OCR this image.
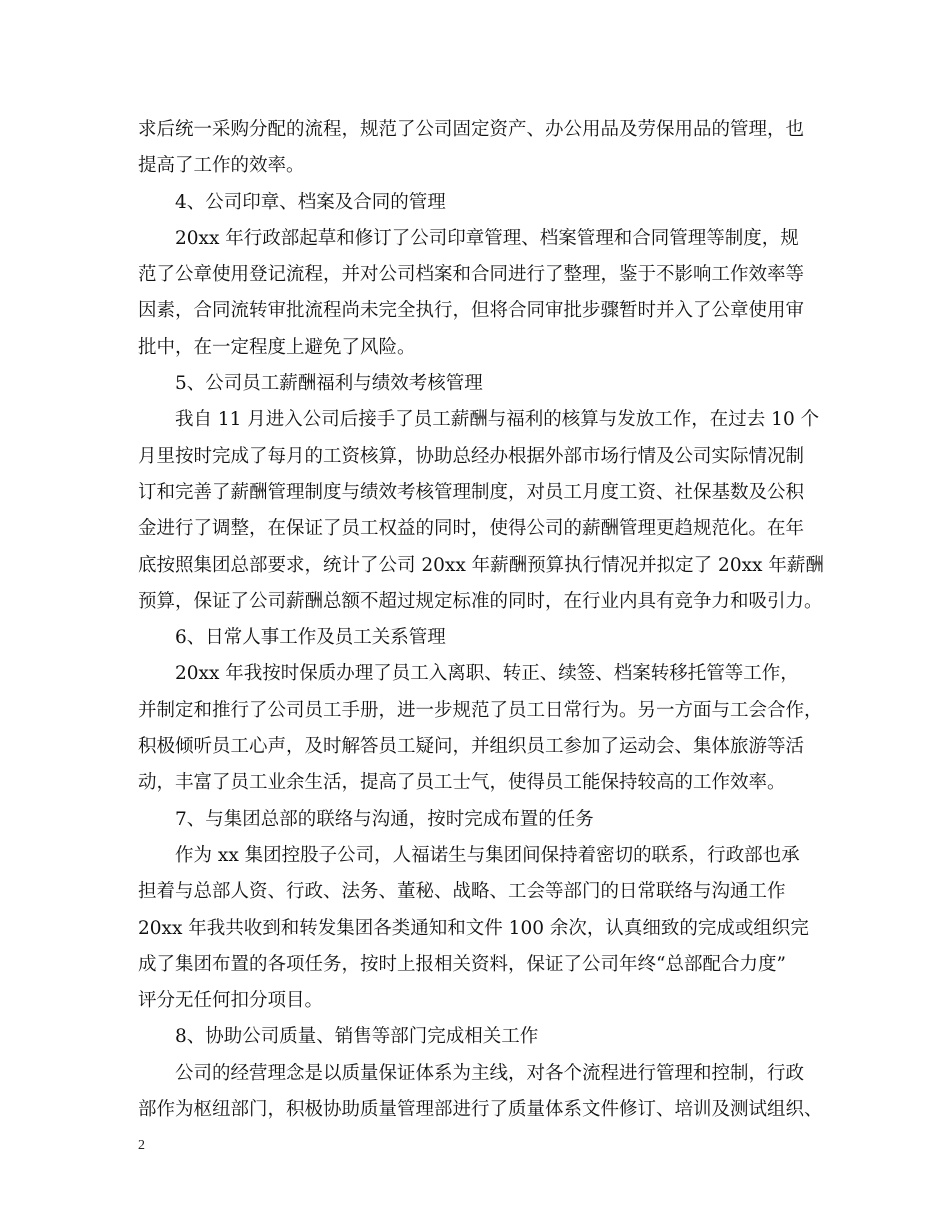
求后统一采购分配的流程，规范了公司固定资产、办公用品及劳保用品的管理，也
提高了工作的效率。
4、公司印章、档案及合同的管理
20xx 年行政部起草和修订了公司印章管理、档案管理和合同管理等制度，规
范了公章使用登记流程，并对公司档案和合同进行了整理，鉴于不影响工作效率等
因素，合同流转审批流程尚未完全执行，但将合同审批步骤暂时并入了公章使用审
批中，在一定程度上避免了风险。
5、公司员工薪酬福利与绩效考核管理
我自 11 月进入公司后接手了员工薪酬与福利的核算与发放工作，在过去 10 个
月里按时完成了每月的工资核算，协助总经办根据外部市场行情及公司实际情况制
订和完善了薪酬管理制度与绩效考核管理制度，对员工月度工资、社保基数及公积
金进行了调整，在保证了员工权益的同时，使得公司的薪酬管理更趋规范化。在年
底按照集团总部要求，统计了公司 20xx 年薪酬预算执行情况并拟定了 20xx 年薪酬
预算，保证了公司薪酬总额不超过规定标准的同时，在行业内具有竞争力和吸引力。
6、日常人事工作及员工关系管理
20xx 年我按时保质办理了员工入离职、转正、续签、档案转移托管等工作，
并制定和推行了公司员工手册，进一步规范了员工日常行为。另一方面与工会合作，
积极倾听员工心声，及时解答员工疑问，并组织员工参加了运动会、集体旅游等活
动，丰富了员工业余生活，提高了员工士气，使得员工能保持较高的工作效率。
7、与集团总部的联络与沟通，按时完成布置的任务
作为 xx 集团控股子公司，人福诺生与集团间保持着密切的联系，行政部也承
担着与总部人资、行政、法务、董秘、战略、工会等部门的日常联络与沟通工作
20xx 年我共收到和转发集团各类通知和文件 100 余次，认真细致的完成或组织完
成了集团布置的各项任务，按时上报相关资料，保证了公司年终“总部配合力度”
评分无任何扣分项目。
8、协助公司质量、销售等部门完成相关工作
公司的经营理念是以质量保证体系为主线，对各个流程进行管理和控制，行政
部作为枢纽部门，积极协助质量管理部进行了质量体系文件修订、培训及测试组织、
2
